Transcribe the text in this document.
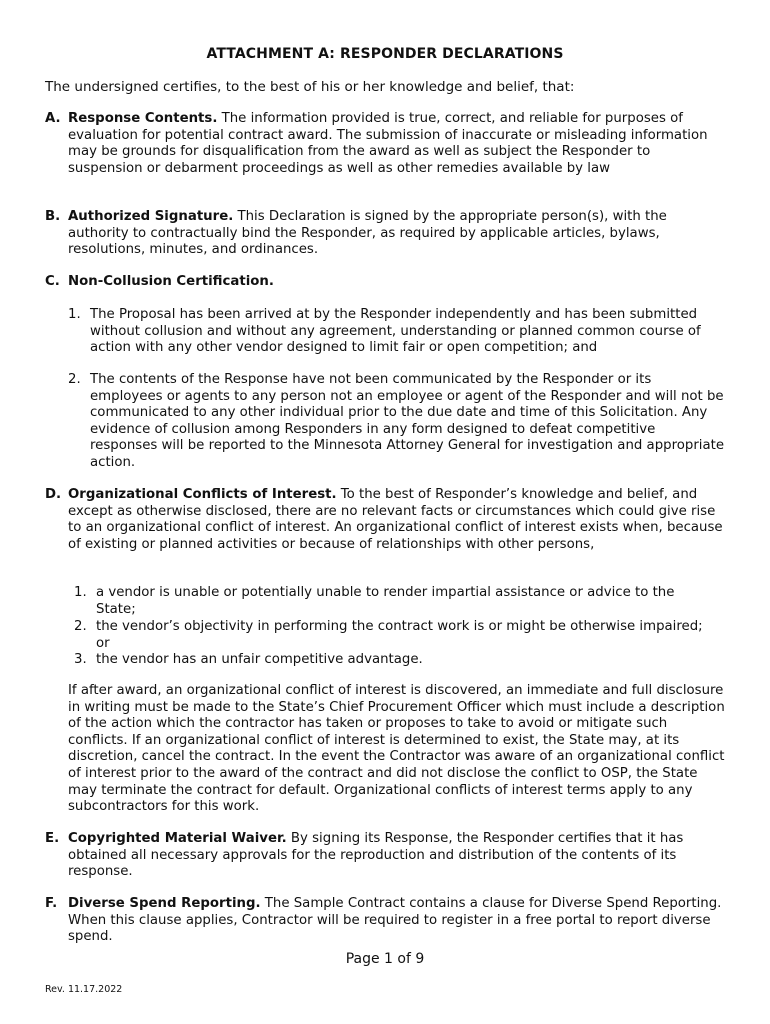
ATTACHMENT A: RESPONDER DECLARATIONS
The undersigned certifies, to the best of his or her knowledge and belief, that:
A. Response Contents. The information provided is true, correct, and reliable for purposes of evaluation for potential contract award. The submission of inaccurate or misleading information may be grounds for disqualification from the award as well as subject the Responder to suspension or debarment proceedings as well as other remedies available by law
B. Authorized Signature. This Declaration is signed by the appropriate person(s), with the authority to contractually bind the Responder, as required by applicable articles, bylaws, resolutions, minutes, and ordinances.
C. Non-Collusion Certification.
1. The Proposal has been arrived at by the Responder independently and has been submitted without collusion and without any agreement, understanding or planned common course of action with any other vendor designed to limit fair or open competition; and
2. The contents of the Response have not been communicated by the Responder or its employees or agents to any person not an employee or agent of the Responder and will not be communicated to any other individual prior to the due date and time of this Solicitation. Any evidence of collusion among Responders in any form designed to defeat competitive responses will be reported to the Minnesota Attorney General for investigation and appropriate action.
D. Organizational Conflicts of Interest. To the best of Responder’s knowledge and belief, and except as otherwise disclosed, there are no relevant facts or circumstances which could give rise to an organizational conflict of interest. An organizational conflict of interest exists when, because of existing or planned activities or because of relationships with other persons,
1. a vendor is unable or potentially unable to render impartial assistance or advice to the State;
2. the vendor’s objectivity in performing the contract work is or might be otherwise impaired; or
3. the vendor has an unfair competitive advantage.
If after award, an organizational conflict of interest is discovered, an immediate and full disclosure in writing must be made to the State’s Chief Procurement Officer which must include a description of the action which the contractor has taken or proposes to take to avoid or mitigate such conflicts. If an organizational conflict of interest is determined to exist, the State may, at its discretion, cancel the contract. In the event the Contractor was aware of an organizational conflict of interest prior to the award of the contract and did not disclose the conflict to OSP, the State may terminate the contract for default. Organizational conflicts of interest terms apply to any subcontractors for this work.
E. Copyrighted Material Waiver. By signing its Response, the Responder certifies that it has obtained all necessary approvals for the reproduction and distribution of the contents of its response.
F. Diverse Spend Reporting. The Sample Contract contains a clause for Diverse Spend Reporting. When this clause applies, Contractor will be required to register in a free portal to report diverse spend.
Page 1 of 9
Rev. 11.17.2022
